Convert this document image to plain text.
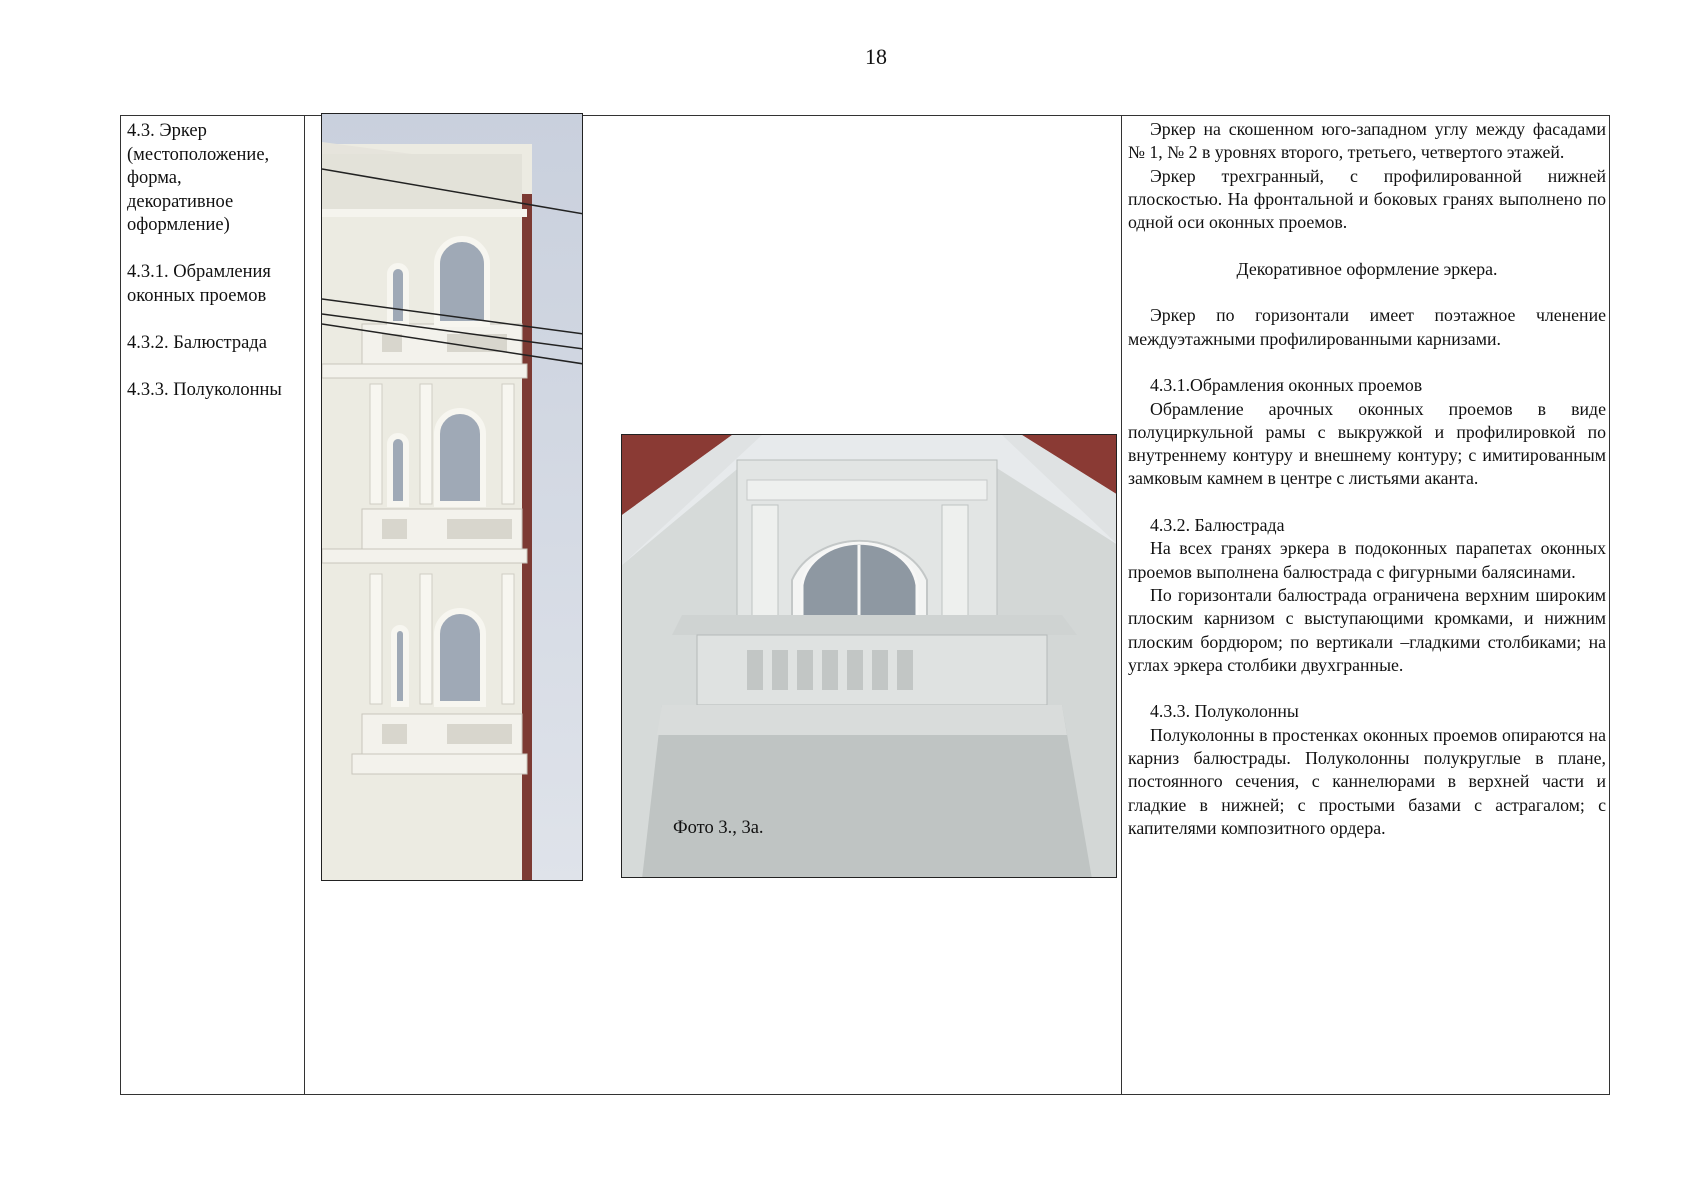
18
4.3. Эркер
(местоположение,
форма,
декоративное
оформление)
4.3.1. Обрамления
оконных проемов
4.3.2. Балюстрада
4.3.3. Полуколонны
Фото 3., 3а.

Эркер на скошенном юго-западном углу между фасадами № 1, № 2 в уровнях второго, третьего, четвертого этажей.

Эркер трехгранный, с профилированной нижней плоскостью. На фронтальной и боковых гранях выполнено по одной оси оконных проемов.

Декоративное оформление эркера.

Эркер по горизонтали имеет поэтажное членение междуэтажными профилированными карнизами.

4.3.1.Обрамления оконных проемов

Обрамление арочных оконных проемов в виде полуциркульной рамы с выкружкой и профилировкой по внутреннему контуру и внешнему контуру; с имитированным замковым камнем в центре с листьями аканта.

4.3.2. Балюстрада

На всех гранях эркера в подоконных парапетах оконных проемов выполнена балюстрада с фигурными балясинами.

По горизонтали балюстрада ограничена верхним широким плоским карнизом с выступающими кромками, и нижним плоским бордюром; по вертикали –гладкими столбиками; на углах эркера столбики двухгранные.

4.3.3. Полуколонны

Полуколонны в простенках оконных проемов опираются на карниз балюстрады. Полуколонны полукруглые в плане, постоянного сечения, с каннелюрами в верхней части и гладкие в нижней; с простыми базами с астрагалом; с капителями композитного ордера.
